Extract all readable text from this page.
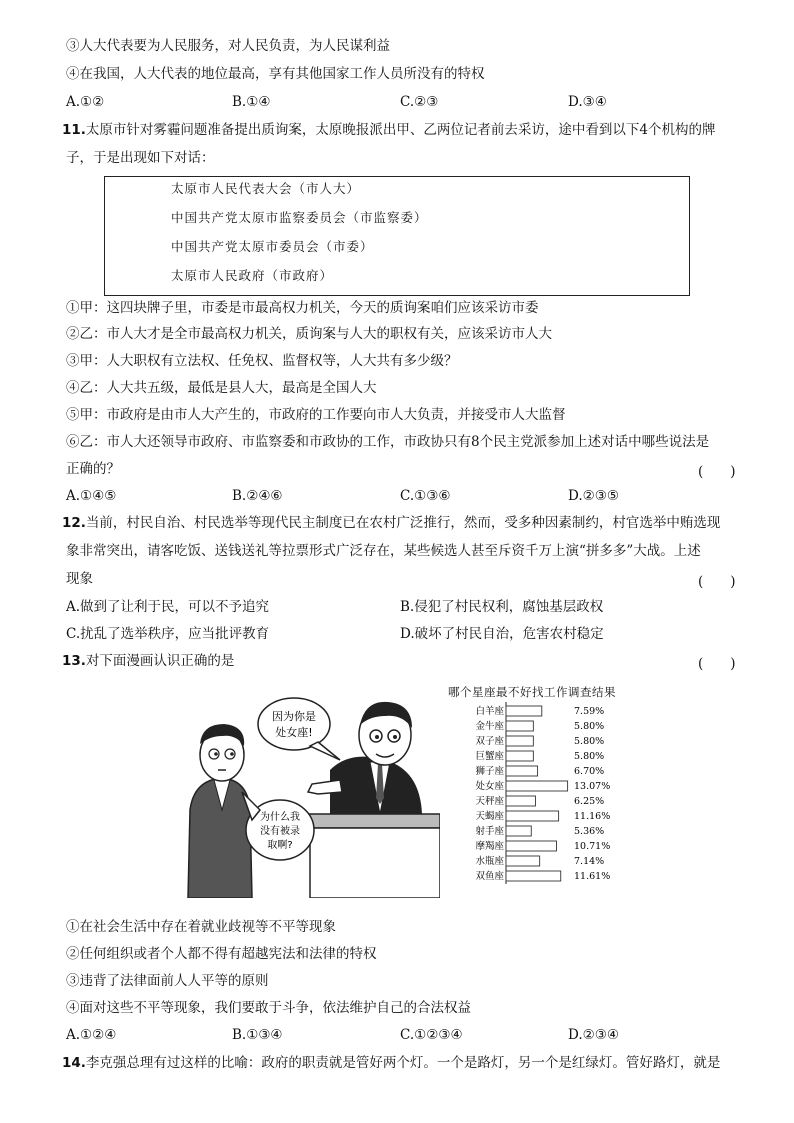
③人大代表要为人民服务，对人民负责，为人民谋利益
④在我国，人大代表的地位最高，享有其他国家工作人员所没有的特权
A.①②	B.①④	C.②③	D.③④
11.太原市针对雾霾问题准备提出质询案，太原晚报派出甲、乙两位记者前去采访，途中看到以下4个机构的牌
子，于是出现如下对话：
太原市人民代表大会（市人大）
中国共产党太原市监察委员会（市监察委）
中国共产党太原市委员会（市委）
太原市人民政府（市政府）
①甲：这四块牌子里，市委是市最高权力机关，今天的质询案咱们应该采访市委
②乙：市人大才是全市最高权力机关，质询案与人大的职权有关，应该采访市人大
③甲：人大职权有立法权、任免权、监督权等，人大共有多少级？
④乙：人大共五级，最低是县人大，最高是全国人大
⑤甲：市政府是由市人大产生的，市政府的工作要向市人大负责，并接受市人大监督
⑥乙：市人大还领导市政府、市监察委和市政协的工作，市政协只有8个民主党派参加上述对话中哪些说法是
正确的？	(　　)
A.①④⑤	B.②④⑥	C.①③⑥	D.②③⑤
12.当前，村民自治、村民选举等现代民主制度已在农村广泛推行，然而，受多种因素制约，村官选举中贿选现
象非常突出，请客吃饭、送钱送礼等拉票形式广泛存在，某些候选人甚至斥资千万上演“拼多多”大战。上述
现象	(　　)
A.做到了让利于民，可以不予追究	B.侵犯了村民权利，腐蚀基层政权
C.扰乱了选举秩序，应当批评教育	D.破坏了村民自治，危害农村稳定
13.对下面漫画认识正确的是	(　　)
因为你是
处女座!
为什么我
没有被录
取啊?
哪个星座最不好找工作调查结果
白羊座	7.59%
金牛座	5.80%
双子座	5.80%
巨蟹座	5.80%
狮子座	6.70%
处女座	13.07%
天秤座	6.25%
天蝎座	11.16%
射手座	5.36%
摩羯座	10.71%
水瓶座	7.14%
双鱼座	11.61%
①在社会生活中存在着就业歧视等不平等现象
②任何组织或者个人都不得有超越宪法和法律的特权
③违背了法律面前人人平等的原则
④面对这些不平等现象，我们要敢于斗争，依法维护自己的合法权益
A.①②④	B.①③④	C.①②③④	D.②③④
14.李克强总理有过这样的比喻：政府的职责就是管好两个灯。一个是路灯，另一个是红绿灯。管好路灯，就是
